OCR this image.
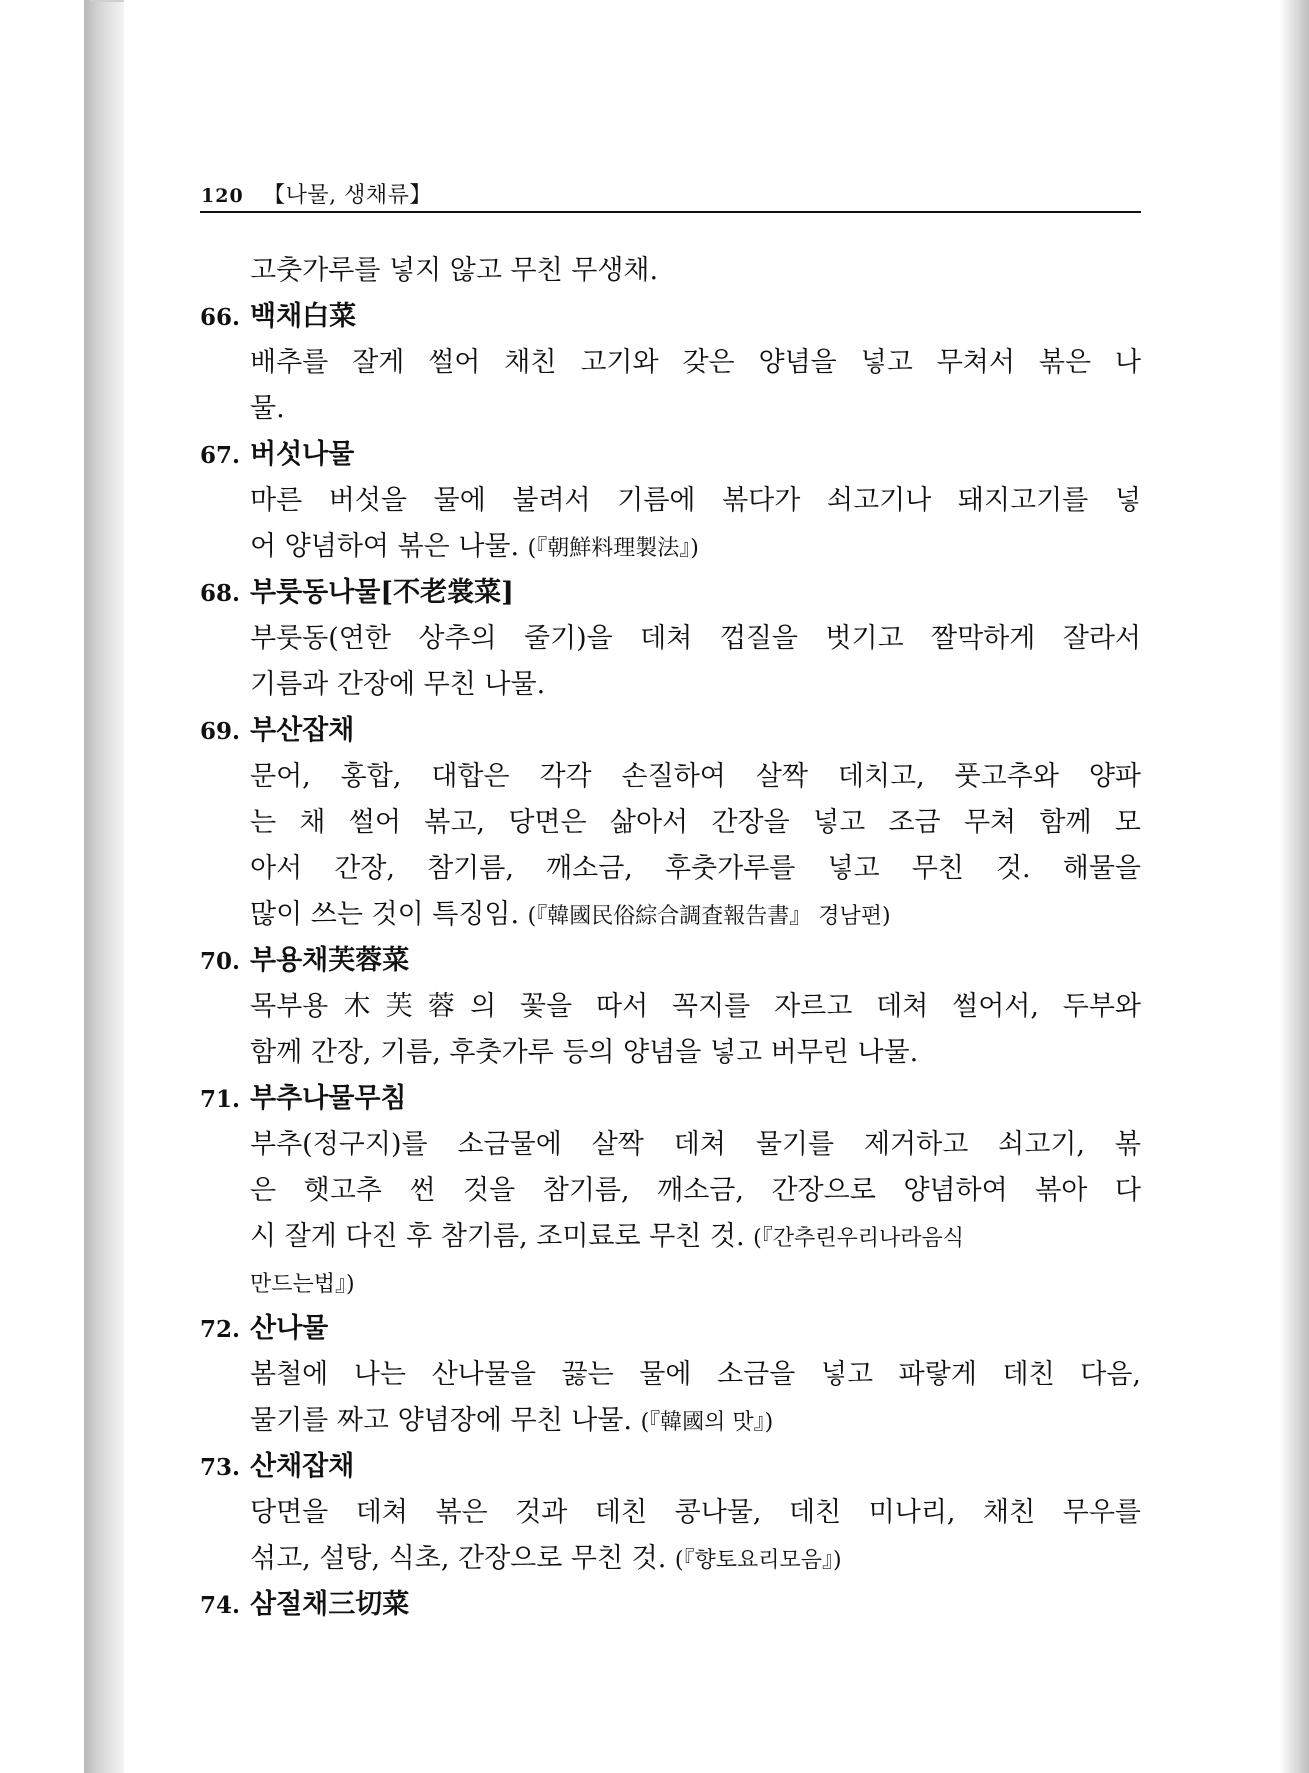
120 【나물, 생채류】
고춧가루를 넣지 않고 무친 무생채.
66. 백채白菜
배추를 잘게 썰어 채친 고기와 갖은 양념을 넣고 무쳐서 볶은 나
물.
67. 버섯나물
마른 버섯을 물에 불려서 기름에 볶다가 쇠고기나 돼지고기를 넣
어 양념하여 볶은 나물. (『朝鮮料理製法』)
68. 부룻동나물[不老裳菜]
부룻동(연한 상추의 줄기)을 데쳐 껍질을 벗기고 짤막하게 잘라서
기름과 간장에 무친 나물.
69. 부산잡채
문어, 홍합, 대합은 각각 손질하여 살짝 데치고, 풋고추와 양파
는 채 썰어 볶고, 당면은 삶아서 간장을 넣고 조금 무쳐 함께 모
아서 간장, 참기름, 깨소금, 후춧가루를 넣고 무친 것. 해물을
많이 쓰는 것이 특징임. (『韓國民俗綜合調査報告書』 경남편)
70. 부용채芙蓉菜
목부용木芙蓉의 꽃을 따서 꼭지를 자르고 데쳐 썰어서, 두부와
함께 간장, 기름, 후춧가루 등의 양념을 넣고 버무린 나물.
71. 부추나물무침
부추(정구지)를 소금물에 살짝 데쳐 물기를 제거하고 쇠고기, 볶
은 햇고추 썬 것을 참기름, 깨소금, 간장으로 양념하여 볶아 다
시 잘게 다진 후 참기름, 조미료로 무친 것. (『간추린우리나라음식
만드는법』)
72. 산나물
봄철에 나는 산나물을 끓는 물에 소금을 넣고 파랗게 데친 다음,
물기를 짜고 양념장에 무친 나물. (『韓國의 맛』)
73. 산채잡채
당면을 데쳐 볶은 것과 데친 콩나물, 데친 미나리, 채친 무우를
섞고, 설탕, 식초, 간장으로 무친 것. (『향토요리모음』)
74. 삼절채三切菜
